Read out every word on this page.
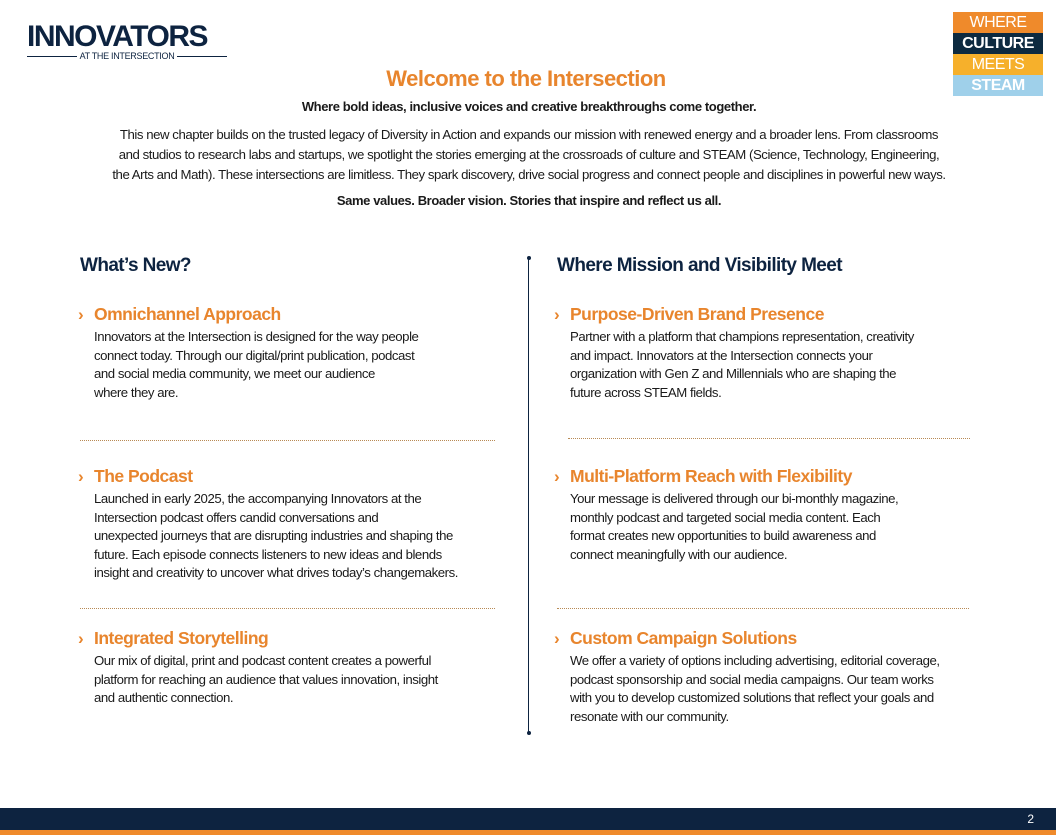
INNOVATORS
AT THE INTERSECTION
WHERE
CULTURE
MEETS
STEAM
Welcome to the Intersection
Where bold ideas, inclusive voices and creative breakthroughs come together.
This new chapter builds on the trusted legacy of Diversity in Action and expands our mission with renewed energy and a broader lens. From classrooms
and studios to research labs and startups, we spotlight the stories emerging at the crossroads of culture and STEAM (Science, Technology, Engineering,
the Arts and Math). These intersections are limitless. They spark discovery, drive social progress and connect people and disciplines in powerful new ways.
Same values. Broader vision. Stories that inspire and reflect us all.
What’s New?	Where Mission and Visibility Meet
› Omnichannel Approach

Innovators at the Intersection is designed for the way people
connect today. Through our digital/print publication, podcast
and social media community, we meet our audience
where they are.

› The Podcast

Launched in early 2025, the accompanying Innovators at the
Intersection podcast offers candid conversations and
unexpected journeys that are disrupting industries and shaping the
future. Each episode connects listeners to new ideas and blends
insight and creativity to uncover what drives today’s changemakers.

› Integrated Storytelling

Our mix of digital, print and podcast content creates a powerful
platform for reaching an audience that values innovation, insight
and authentic connection.

› Purpose-Driven Brand Presence

Partner with a platform that champions representation, creativity
and impact. Innovators at the Intersection connects your
organization with Gen Z and Millennials who are shaping the
future across STEAM fields.

› Multi-Platform Reach with Flexibility

Your message is delivered through our bi-monthly magazine,
monthly podcast and targeted social media content. Each
format creates new opportunities to build awareness and
connect meaningfully with our audience.

› Custom Campaign Solutions

We offer a variety of options including advertising, editorial coverage,
podcast sponsorship and social media campaigns. Our team works
with you to develop customized solutions that reflect your goals and
resonate with our community.

2
